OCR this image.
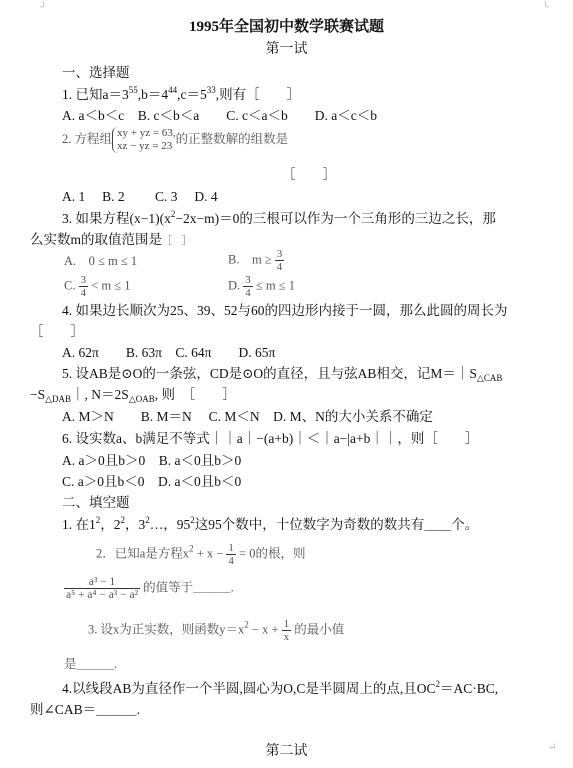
┘	└
↵
1995年全国初中数学联赛试题
第一试
一、选择题
1. 已知$a=3^{55},b=4^{44},c=5^{33}$,则有［　　］
A. a＜b＜c　B. c＜b＜a　　C. c＜a＜b　　D. a＜c＜b
2. 方程组 xy + yz = 63,
xz − yz = 23 的正整数解的组数是
［　　］
A. 1　 B. 2　　 C. 3　 D. 4
3. 如果方程$(x-1)(x^2-2x-m)=0$的三根可以作为一个三角形的三边之长，那
么实数m的取值范围是［　］
A.　0 ≤ m ≤ 1	B.　$m \ge \frac{3}{4}$
C. $\frac{3}{4} < m \le 1$	D. $\frac{3}{4} \le m \le 1$
4. 如果边长顺次为25、39、52与60的四边形内接于一圆，那么此圆的周长为
［　　］
A. 62π　　B. 63π　C. 64π　　D. 65π
5. 设AB是⊙O的一条弦，CD是⊙O的直径，且与弦AB相交，记$M=|S_{\triangle CAB}$
$-S_{\triangle DAB}|$, $N=2S_{\triangle OAB}$, 则　［　　］
A. M＞N　　B. M＝N　 C. M＜N　D. M、N的大小关系不确定
6. 设实数a、b满足不等式｜｜a｜−(a+b)｜＜｜a−|a+b｜｜，则［　　］
A. a＞0且b＞0　B. a＜0且b＞0
C. a＞0且b＜0　D. a＜0且b＜0
二、填空题
1. 在$1^2$，$2^2$，$3^2\dots$，$95^2$这95个数中，十位数字为奇数的数共有＿＿个。
2．已知a是方程$x^2 + x - \frac{1}{4} = 0$的根，则
$\frac{\text{a³ − 1}}{\text{a⁵ + a⁴ − a³ − a²}}$ 的值等于＿＿＿.
3. 设x为正实数，则函数$y=x^2 - x + \frac{1}{x}$ 的最小值
是＿＿＿.
4.以线段AB为直径作一个半圆,圆心为O,C是半圆周上的点,且$OC^2=AC\cdot BC$,
则∠CAB＝＿＿＿.
第二试
